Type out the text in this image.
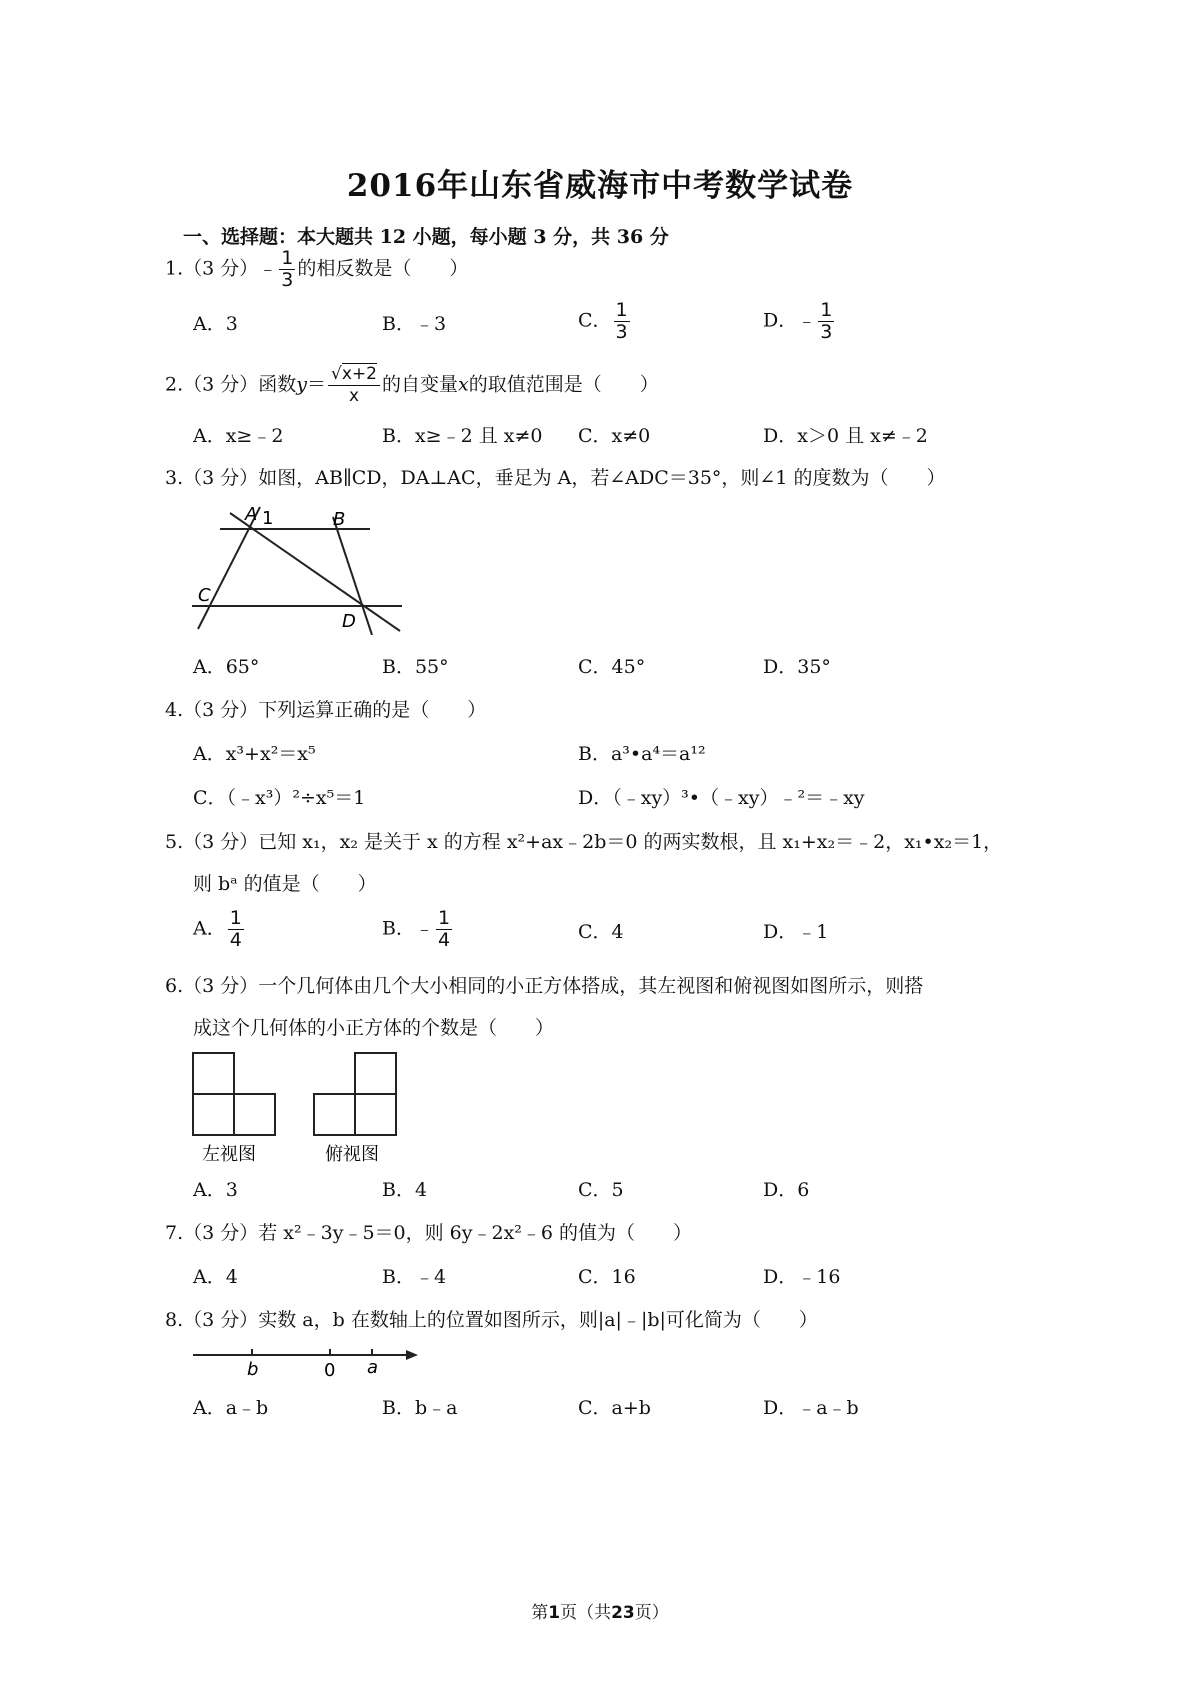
2016年山东省威海市中考数学试卷
一、选择题：本大题共 12 小题，每小题 3 分，共 36 分
1.（3 分）﹣ $\frac{1}{3}$ 的相反数是（　　）
A．3	B．﹣3	C． $\frac{1}{3}$	D．﹣ $\frac{1}{3}$
2.（3 分）函数$y= \frac{√x+2}{x}$ 的自变量x的取值范围是（　　）
A．x≥﹣2	B．x≥﹣2 且 x≠0 C．x≠0	D．x＞0 且 x≠﹣2
3.（3 分）如图，AB∥CD，DA⊥AC，垂足为 A，若∠ADC＝35°，则∠1 的度数为（　　）
A 1	B
C
D
A．65°	B．55°	C．45°	D．35°
4.（3 分）下列运算正确的是（　　）
A．x³+x²＝x⁵	B．a³•a⁴＝a¹²
C．（﹣x³）²÷x⁵＝1	D．（﹣xy）³•（﹣xy）﹣²＝﹣xy
5.（3 分）已知 x₁，x₂ 是关于 x 的方程 x²+ax﹣2b＝0 的两实数根，且 x₁+x₂＝﹣2，x₁•x₂＝1，
则 bᵃ 的值是（　　）
A． $\frac{1}{4}$	B．﹣ $\frac{1}{4}$	C．4	D．﹣1
6.（3 分）一个几何体由几个大小相同的小正方体搭成，其左视图和俯视图如图所示，则搭
成这个几何体的小正方体的个数是（　　）
左视图	俯视图
A．3	B．4	C．5	D．6
7.（3 分）若 x²﹣3y﹣5＝0，则 6y﹣2x²﹣6 的值为（　　）
A．4	B．﹣4	C．16	D．﹣16
8.（3 分）实数 a，b 在数轴上的位置如图所示，则|a|﹣|b|可化简为（　　）
b	0 a
A．a﹣b	B．b﹣a	C．a+b	D．﹣a﹣b
第1页（共23页）
